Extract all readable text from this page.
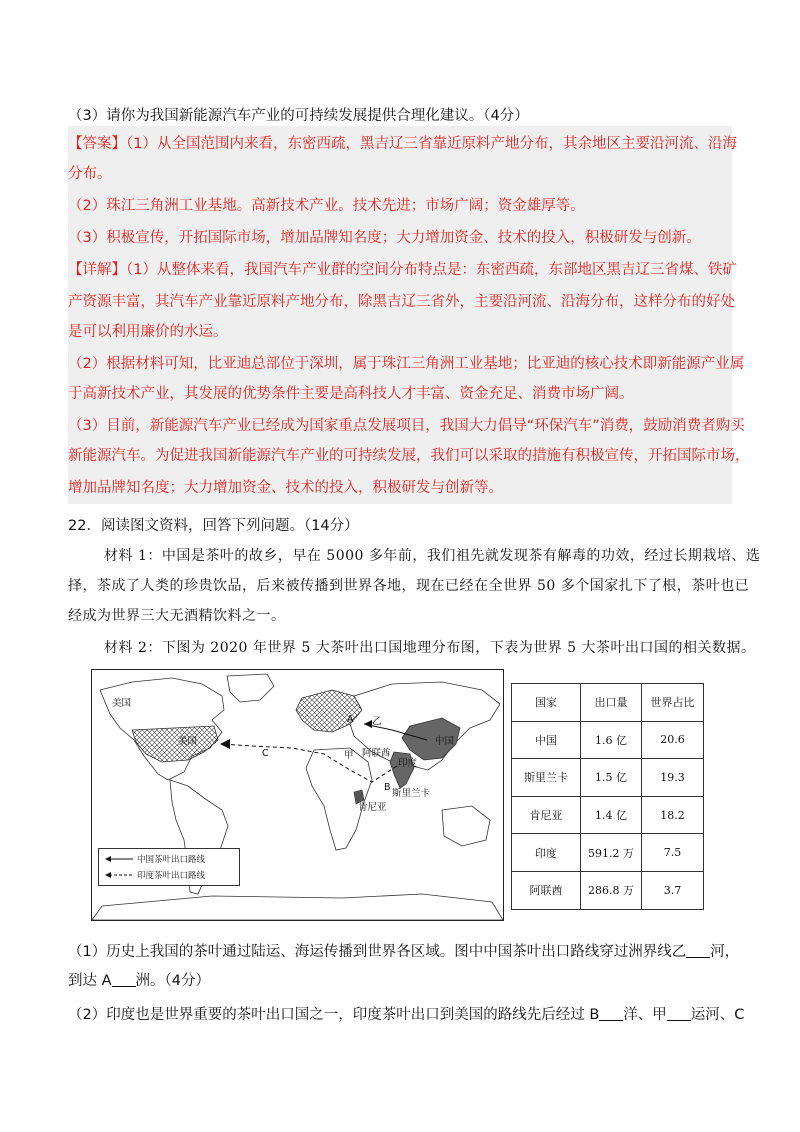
（3）请你为我国新能源汽车产业的可持续发展提供合理化建议。（4分）
【答案】（1）从全国范围内来看，东密西疏，黑吉辽三省靠近原料产地分布，其余地区主要沿河流、沿海
分布。
（2）珠江三角洲工业基地。高新技术产业。技术先进；市场广阔；资金雄厚等。
（3）积极宣传，开拓国际市场，增加品牌知名度；大力增加资金、技术的投入，积极研发与创新。
【详解】（1）从整体来看，我国汽车产业群的空间分布特点是：东密西疏，东部地区黑吉辽三省煤、铁矿
产资源丰富，其汽车产业靠近原料产地分布，除黑吉辽三省外，主要沿河流、沿海分布，这样分布的好处
是可以利用廉价的水运。
（2）根据材料可知，比亚迪总部位于深圳，属于珠江三角洲工业基地；比亚迪的核心技术即新能源产业属
于高新技术产业，其发展的优势条件主要是高科技人才丰富、资金充足、消费市场广阔。
（3）目前，新能源汽车产业已经成为国家重点发展项目，我国大力倡导“环保汽车”消费，鼓励消费者购买
新能源汽车。为促进我国新能源汽车产业的可持续发展，我们可以采取的措施有积极宣传，开拓国际市场，
增加品牌知名度；大力增加资金、技术的投入，积极研发与创新等。
22．阅读图文资料，回答下列问题。（14分）
材料 1：中国是茶叶的故乡，早在 5000 多年前，我们祖先就发现茶有解毒的功效，经过长期栽培、选
择，茶成了人类的珍贵饮品，后来被传播到世界各地，现在已经在全世界 50 多个国家扎下了根，茶叶也已
经成为世界三大无酒精饮料之一。
材料 2：下图为 2020 年世界 5 大茶叶出口国地理分布图，下表为世界 5 大茶叶出口国的相关数据。
美国
美国
A 乙
C	甲 阿联酋
中国
印度
B
斯里兰卡
肯尼亚
中国茶叶出口路线
印度茶叶出口路线
国家	出口量	世界占比
中国	1.6 亿	20.6
斯里兰卡	1.5 亿	19.3
肯尼亚	1.4 亿	18.2
印度	591.2 万	7.5
阿联酋	286.8 万	3.7
（1）历史上我国的茶叶通过陆运、海运传播到世界各区域。图中中国茶叶出口路线穿过洲界线乙 河，
到达 A 洲。（4分）
（2）印度也是世界重要的茶叶出口国之一，印度茶叶出口到美国的路线先后经过 B 洋、甲 运河、C
